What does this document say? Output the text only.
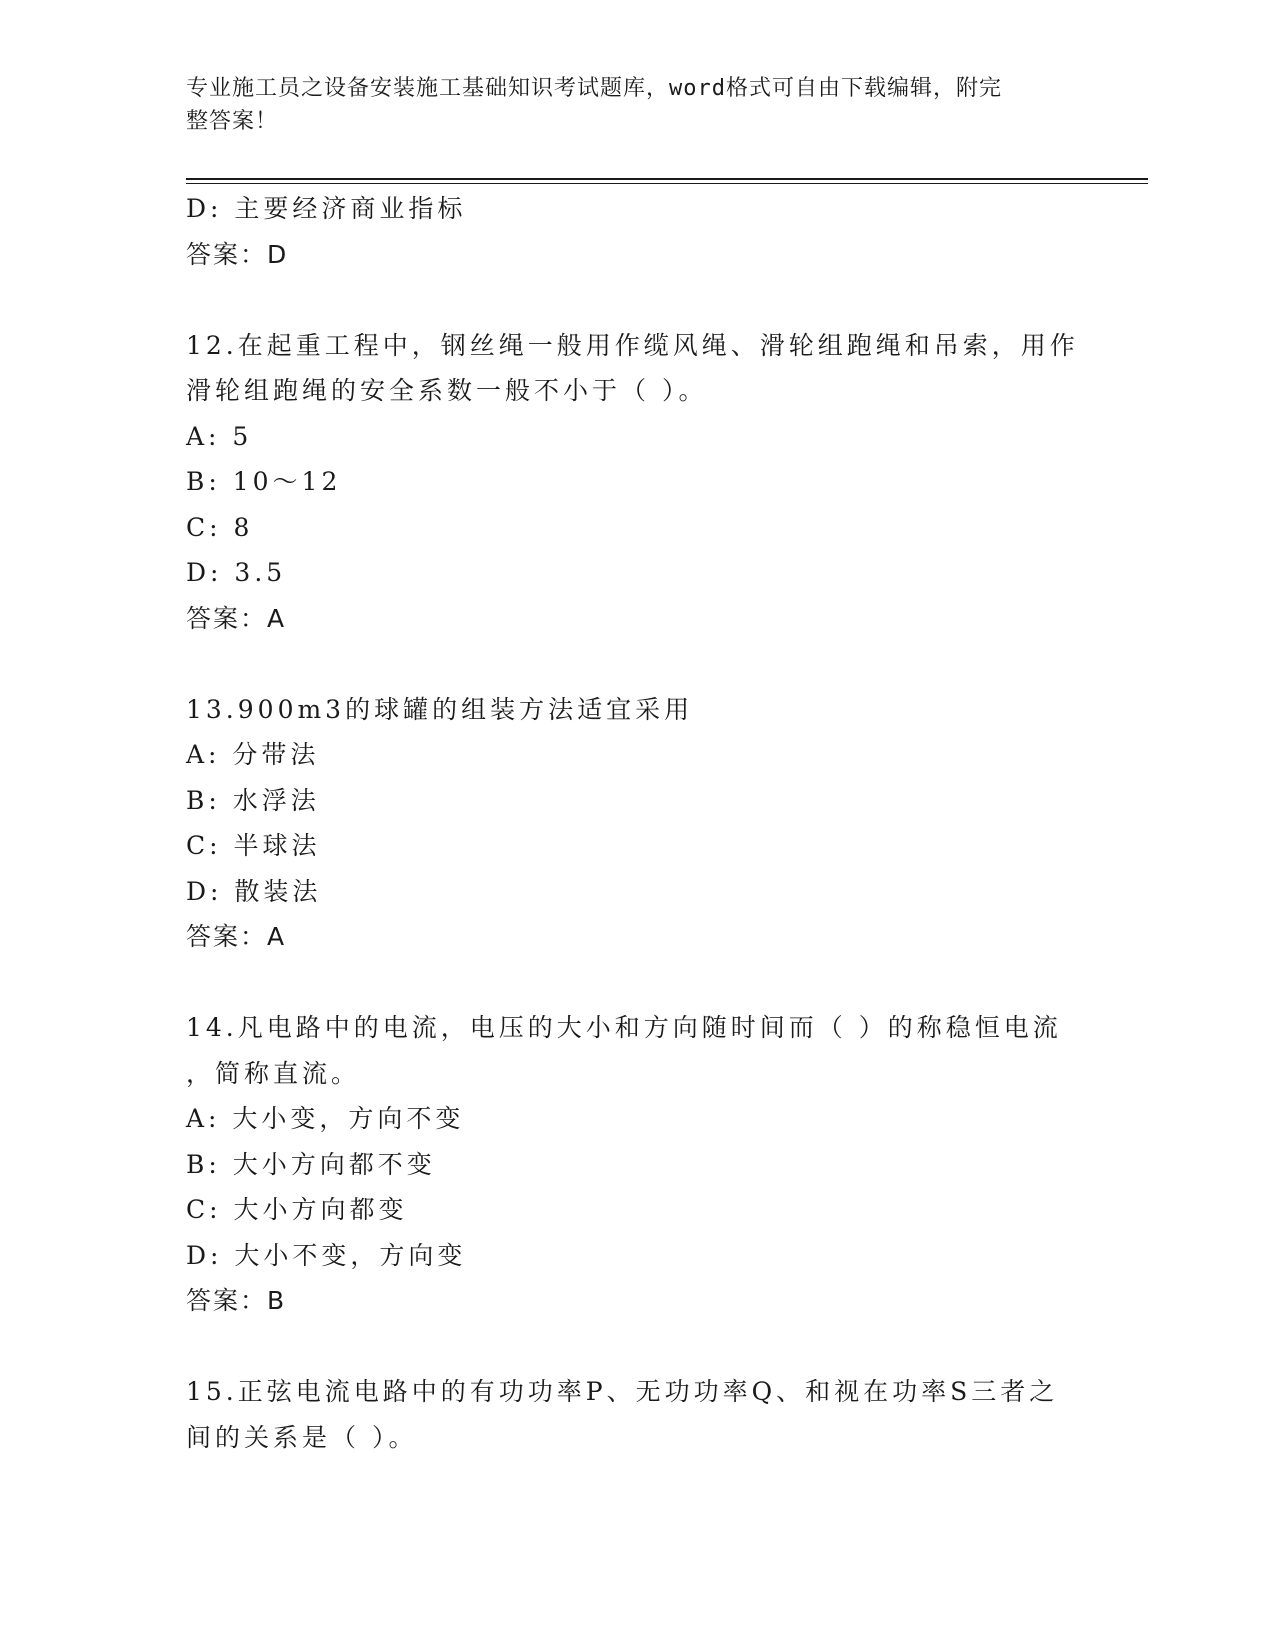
专业施工员之设备安装施工基础知识考试题库，word格式可自由下载编辑，附完
整答案！
D: 主要经济商业指标
答案：D
12.在起重工程中，钢丝绳一般用作缆风绳、滑轮组跑绳和吊索，用作
滑轮组跑绳的安全系数一般不小于（ ）。
A: 5
B: 10～12
C: 8
D: 3.5
答案：A
13.900m3的球罐的组装方法适宜采用
A: 分带法
B: 水浮法
C: 半球法
D: 散装法
答案：A
14.凡电路中的电流，电压的大小和方向随时间而（ ）的称稳恒电流
，简称直流。
A: 大小变，方向不变
B: 大小方向都不变
C: 大小方向都变
D: 大小不变，方向变
答案：B
15.正弦电流电路中的有功功率P、无功功率Q、和视在功率S三者之
间的关系是（ ）。
